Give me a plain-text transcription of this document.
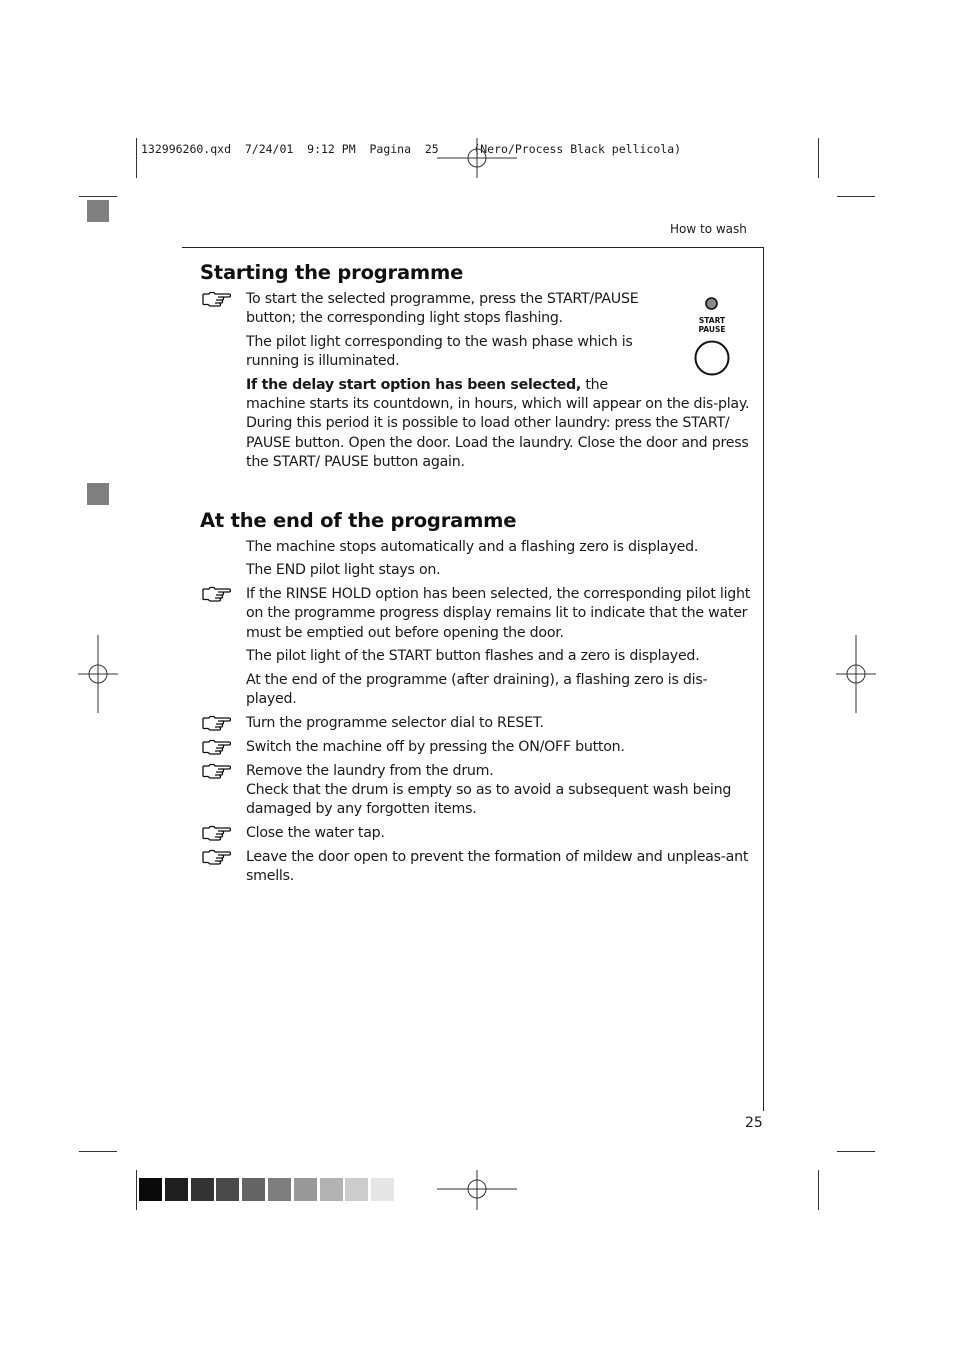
132996260.qxd  7/24/01  9:12 PM  Pagina  25     (Nero/Process Black pellicola)
How to wash
Starting the programme
To start the selected programme, press the START/PAUSE button; the corresponding light stops flashing.
The pilot light corresponding to the wash phase which is running is illuminated.
If the delay start option has been selected, the
machine starts its countdown, in hours, which will appear on the dis-play. During this period it is possible to load other laundry: press the START/ PAUSE button. Open the door. Load the laundry. Close the door and press the START/ PAUSE button again.
START
PAUSE
At the end of the programme
The machine stops automatically and a flashing zero is displayed.
The END pilot light stays on.
If the RINSE HOLD option has been selected, the corresponding pilot light on the programme progress display remains lit to indicate that the water must be emptied out before opening the door.
The pilot light of the START button flashes and a zero is displayed.
At the end of the programme (after draining), a flashing zero is dis-played.
Turn the programme selector dial to RESET.
Switch the machine off by pressing the ON/OFF button.
Remove the laundry from the drum.
Check that the drum is empty so as to avoid a subsequent wash being damaged by any forgotten items.
Close the water tap.
Leave the door open to prevent the formation of mildew and unpleas-ant smells.
25
